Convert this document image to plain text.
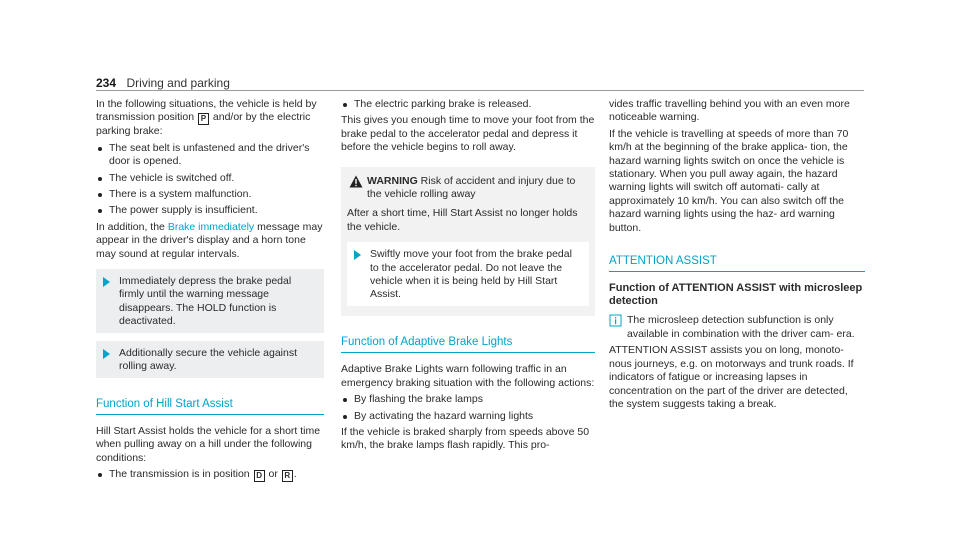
234 Driving and parking

In the following situations, the vehicle is held by transmission position P and/or by the electric parking brake:

The seat belt is unfastened and the driver's door is opened.
The vehicle is switched off.
There is a system malfunction.
The power supply is insufficient.

In addition, the Brake immediately message may appear in the driver's display and a horn tone may sound at regular intervals.

Immediately depress the brake pedal firmly until the warning message disappears. The HOLD function is deactivated.
Additionally secure the vehicle against rolling away.
Function of Hill Start Assist

Hill Start Assist holds the vehicle for a short time when pulling away on a hill under the following conditions:

The transmission is in position D or R .
The electric parking brake is released.

This gives you enough time to move your foot from the brake pedal to the accelerator pedal and depress it before the vehicle begins to roll away.

WARNING Risk of accident and injury due to the vehicle rolling away

After a short time, Hill Start Assist no longer holds the vehicle.

Swiftly move your foot from the brake pedal to the accelerator pedal. Do not leave the vehicle when it is being held by Hill Start Assist.
Function of Adaptive Brake Lights

Adaptive Brake Lights warn following traffic in an emergency braking situation with the following actions:

By flashing the brake lamps
By activating the hazard warning lights

If the vehicle is braked sharply from speeds above 50 km/h, the brake lamps flash rapidly. This pro-

vides traffic travelling behind you with an even more noticeable warning.

If the vehicle is travelling at speeds of more than 70 km/h at the beginning of the brake applica- tion, the hazard warning lights switch on once the vehicle is stationary. When you pull away again, the hazard warning lights will switch off automati- cally at approximately 10 km/h. You can also switch off the hazard warning lights using the haz- ard warning button.

ATTENTION ASSIST
Function of ATTENTION ASSIST with microsleep detection

The microsleep detection subfunction is only available in combination with the driver cam- era.

ATTENTION ASSIST assists you on long, monoto- nous journeys, e.g. on motorways and trunk roads. If indicators of fatigue or increasing lapses in concentration on the part of the driver are detected, the system suggests taking a break.
